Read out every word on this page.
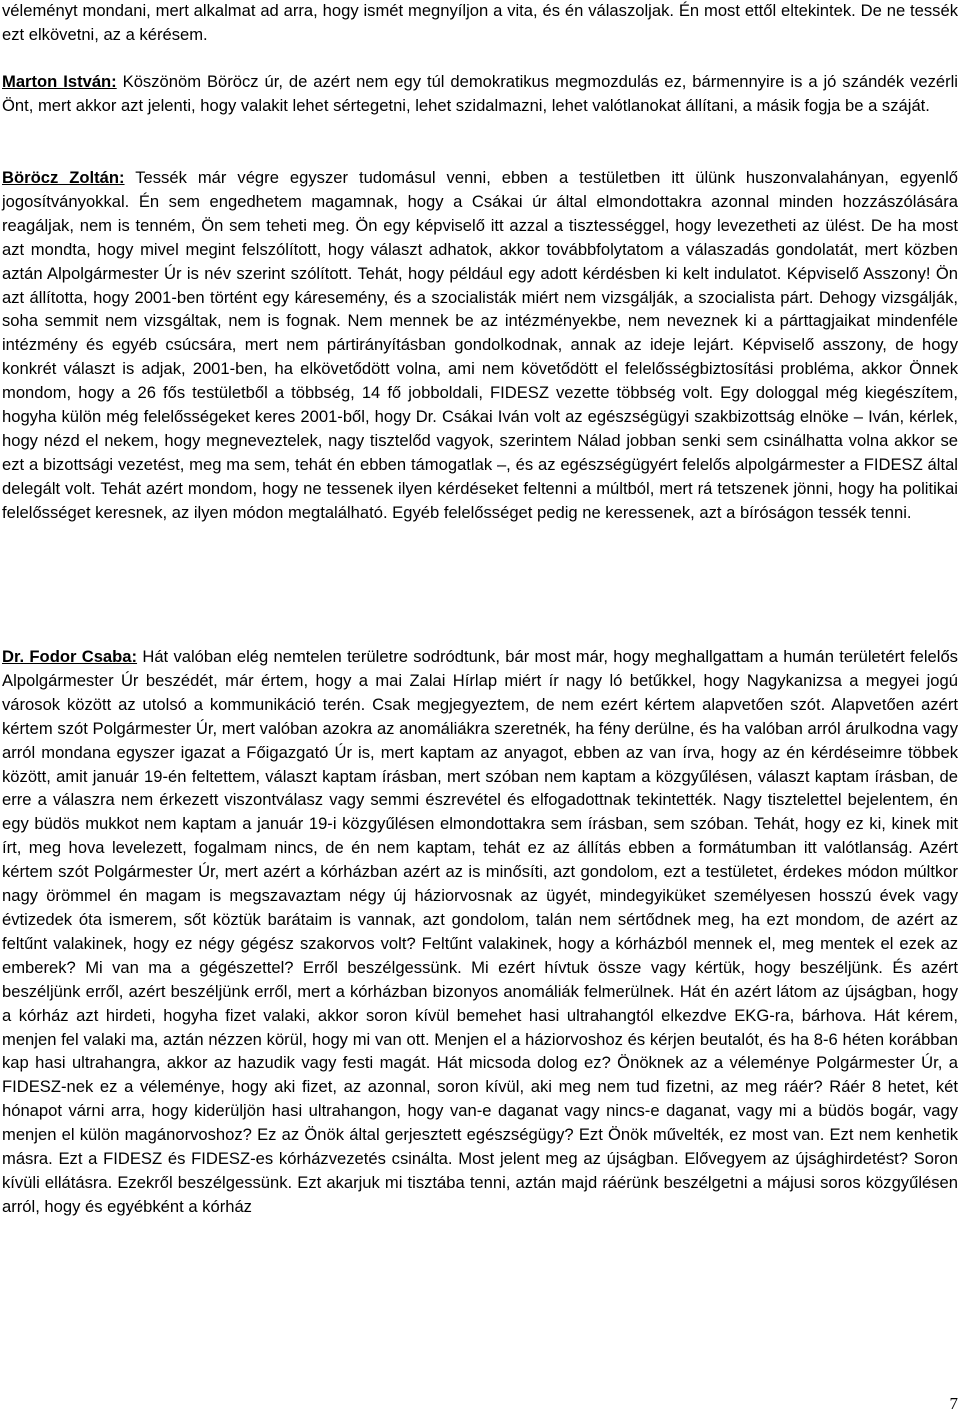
véleményt mondani, mert alkalmat ad arra, hogy ismét megnyíljon a vita, és én válaszoljak. Én most ettől eltekintek. De ne tessék ezt elkövetni, az a kérésem.

Marton István: Köszönöm Böröcz úr, de azért nem egy túl demokratikus megmozdulás ez, bármennyire is a jó szándék vezérli Önt, mert akkor azt jelenti, hogy valakit lehet sértegetni, lehet szidalmazni, lehet valótlanokat állítani, a másik fogja be a száját.

Böröcz Zoltán: Tessék már végre egyszer tudomásul venni, ebben a testületben itt ülünk huszonvalahányan, egyenlő jogosítványokkal. Én sem engedhetem magamnak, hogy a Csákai úr által elmondottakra azonnal minden hozzászólására reagáljak, nem is tenném, Ön sem teheti meg. Ön egy képviselő itt azzal a tisztességgel, hogy levezetheti az ülést. De ha most azt mondta, hogy mivel megint felszólított, hogy választ adhatok, akkor továbbfolytatom a válaszadás gondolatát, mert közben aztán Alpolgármester Úr is név szerint szólított. Tehát, hogy például egy adott kérdésben ki kelt indulatot. Képviselő Asszony! Ön azt állította, hogy 2001-ben történt egy káresemény, és a szocialisták miért nem vizsgálják, a szocialista párt. Dehogy vizsgálják, soha semmit nem vizsgáltak, nem is fognak. Nem mennek be az intézményekbe, nem neveznek ki a párttagjaikat mindenféle intézmény és egyéb csúcsára, mert nem pártirányításban gondolkodnak, annak az ideje lejárt. Képviselő asszony, de hogy konkrét választ is adjak, 2001-ben, ha elkövetődött volna, ami nem követődött el felelősségbiztosítási probléma, akkor Önnek mondom, hogy a 26 fős testületből a többség, 14 fő jobboldali, FIDESZ vezette többség volt. Egy dologgal még kiegészítem, hogyha külön még felelősségeket keres 2001-ből, hogy Dr. Csákai Iván volt az egészségügyi szakbizottság elnöke – Iván, kérlek, hogy nézd el nekem, hogy megneveztelek, nagy tisztelőd vagyok, szerintem Nálad jobban senki sem csinálhatta volna akkor se ezt a bizottsági vezetést, meg ma sem, tehát én ebben támogatlak –, és az egészségügyért felelős alpolgármester a FIDESZ által delegált volt. Tehát azért mondom, hogy ne tessenek ilyen kérdéseket feltenni a múltból, mert rá tetszenek jönni, hogy ha politikai felelősséget keresnek, az ilyen módon megtalálható. Egyéb felelősséget pedig ne keressenek, azt a bíróságon tessék tenni.

Dr. Fodor Csaba: Hát valóban elég nemtelen területre sodródtunk, bár most már, hogy meghallgattam a humán területért felelős Alpolgármester Úr beszédét, már értem, hogy a mai Zalai Hírlap miért ír nagy ló betűkkel, hogy Nagykanizsa a megyei jogú városok között az utolsó a kommunikáció terén. Csak megjegyeztem, de nem ezért kértem alapvetően szót. Alapvetően azért kértem szót Polgármester Úr, mert valóban azokra az anomáliákra szeretnék, ha fény derülne, és ha valóban arról árulkodna vagy arról mondana egyszer igazat a Főigazgató Úr is, mert kaptam az anyagot, ebben az van írva, hogy az én kérdéseimre többek között, amit január 19-én feltettem, választ kaptam írásban, mert szóban nem kaptam a közgyűlésen, választ kaptam írásban, de erre a válaszra nem érkezett viszontválasz vagy semmi észrevétel és elfogadottnak tekintették. Nagy tisztelettel bejelentem, én egy büdös mukkot nem kaptam a január 19-i közgyűlésen elmondottakra sem írásban, sem szóban. Tehát, hogy ez ki, kinek mit írt, meg hova levelezett, fogalmam nincs, de én nem kaptam, tehát ez az állítás ebben a formátumban itt valótlanság. Azért kértem szót Polgármester Úr, mert azért a kórházban azért az is minősíti, azt gondolom, ezt a testületet, érdekes módon múltkor nagy örömmel én magam is megszavaztam négy új háziorvosnak az ügyét, mindegyiküket személyesen hosszú évek vagy évtizedek óta ismerem, sőt köztük barátaim is vannak, azt gondolom, talán nem sértődnek meg, ha ezt mondom, de azért az feltűnt valakinek, hogy ez négy gégész szakorvos volt? Feltűnt valakinek, hogy a kórházból mennek el, meg mentek el ezek az emberek? Mi van ma a gégészettel? Erről beszélgessünk. Mi ezért hívtuk össze vagy kértük, hogy beszéljünk. És azért beszéljünk erről, azért beszéljünk erről, mert a kórházban bizonyos anomáliák felmerülnek. Hát én azért látom az újságban, hogy a kórház azt hirdeti, hogyha fizet valaki, akkor soron kívül bemehet hasi ultrahangtól elkezdve EKG-ra, bárhova. Hát kérem, menjen fel valaki ma, aztán nézzen körül, hogy mi van ott. Menjen el a háziorvoshoz és kérjen beutalót, és ha 8-6 héten korábban kap hasi ultrahangra, akkor az hazudik vagy festi magát. Hát micsoda dolog ez? Önöknek az a véleménye Polgármester Úr, a FIDESZ-nek ez a véleménye, hogy aki fizet, az azonnal, soron kívül, aki meg nem tud fizetni, az meg ráér? Ráér 8 hetet, két hónapot várni arra, hogy kiderüljön hasi ultrahangon, hogy van-e daganat vagy nincs-e daganat, vagy mi a büdös bogár, vagy menjen el külön magánorvoshoz? Ez az Önök által gerjesztett egészségügy? Ezt Önök művelték, ez most van. Ezt nem kenhetik másra. Ezt a FIDESZ és FIDESZ-es kórházvezetés csinálta. Most jelent meg az újságban. Elővegyem az újsághirdetést? Soron kívüli ellátásra. Ezekről beszélgessünk. Ezt akarjuk mi tisztába tenni, aztán majd ráérünk beszélgetni a májusi soros közgyűlésen arról, hogy és egyébként a kórház

7
